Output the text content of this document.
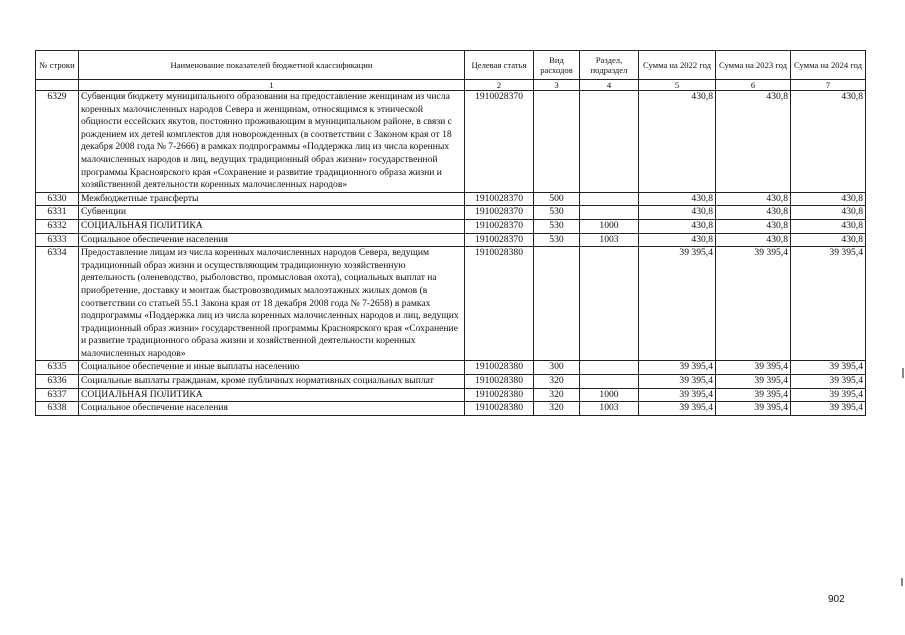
№ строки	Наименование показателей бюджетной классификации	Целевая статья	Вид расходов	Раздел, подраздел	Сумма на 2022 год	Сумма на 2023 год	Сумма на 2024 год
	1	2	3	4	5	6	7
6329	Субвенция бюджету муниципального образования на предоставление женщинам из числа коренных малочисленных народов Севера и женщинам, относящимся к этнической общности ессейских якутов, постоянно проживающим в муниципальном районе, в связи с рождением их детей комплектов для новорожденных (в соответствии с Законом края от 18 декабря 2008 года № 7-2666) в рамках подпрограммы «Поддержка лиц из числа коренных малочисленных народов и лиц, ведущих традиционный образ жизни» государственной программы Красноярского края «Сохранение и развитие традиционного образа жизни и хозяйственной деятельности коренных малочисленных народов»	1910028370			430,8	430,8	430,8
6330	Межбюджетные трансферты	1910028370	500		430,8	430,8	430,8
6331	Субвенции	1910028370	530		430,8	430,8	430,8
6332	СОЦИАЛЬНАЯ ПОЛИТИКА	1910028370	530	1000	430,8	430,8	430,8
6333	Социальное обеспечение населения	1910028370	530	1003	430,8	430,8	430,8
6334	Предоставление лицам из числа коренных малочисленных народов Севера, ведущим традиционный образ жизни и осуществляющим традиционную хозяйственную деятельность (оленеводство, рыболовство, промысловая охота), социальных выплат на приобретение, доставку и монтаж быстровозводимых малоэтажных жилых домов (в соответствии со статьей 55.1 Закона края от 18 декабря 2008 года № 7-2658) в рамках подпрограммы «Поддержка лиц из числа коренных малочисленных народов и лиц, ведущих традиционный образ жизни» государственной программы Красноярского края «Сохранение и развитие традиционного образа жизни и хозяйственной деятельности коренных малочисленных народов»	1910028380			39 395,4	39 395,4	39 395,4
6335	Социальное обеспечение и иные выплаты населению	1910028380	300		39 395,4	39 395,4	39 395,4
6336	Социальные выплаты гражданам, кроме публичных нормативных социальных выплат	1910028380	320		39 395,4	39 395,4	39 395,4
6337	СОЦИАЛЬНАЯ ПОЛИТИКА	1910028380	320	1000	39 395,4	39 395,4	39 395,4
6338	Социальное обеспечение населения	1910028380	320	1003	39 395,4	39 395,4	39 395,4
902
